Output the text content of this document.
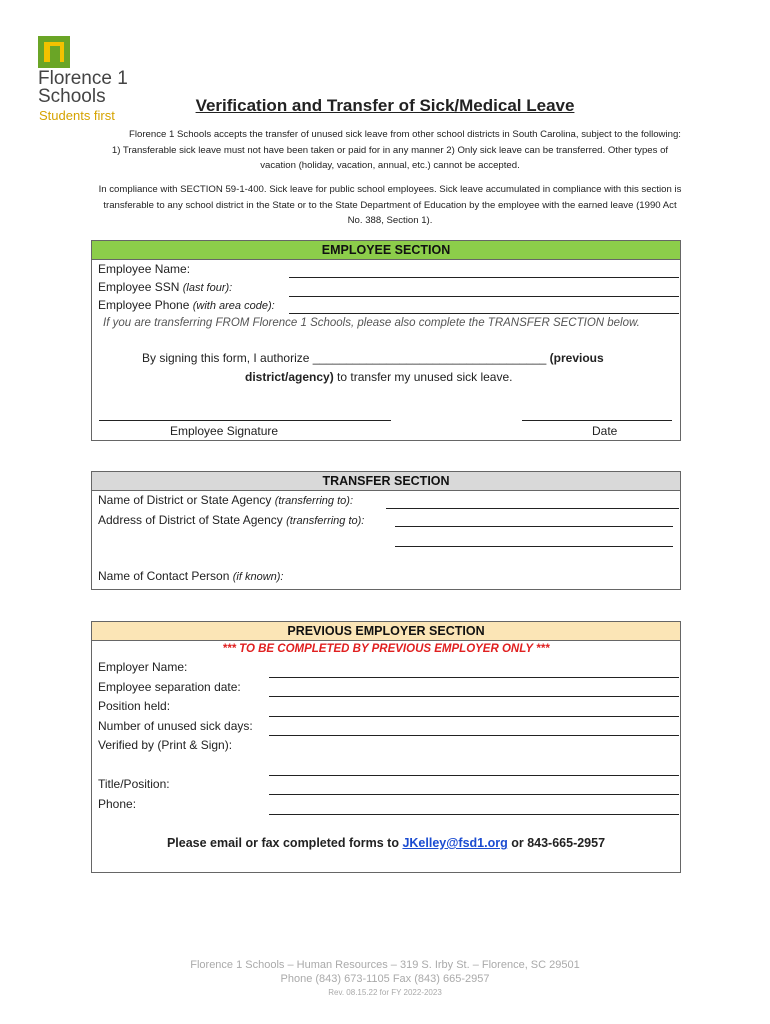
Florence 1
Schools
Students first
Verification and Transfer of Sick/Medical Leave
Florence 1 Schools accepts the transfer of unused sick leave from other school districts in South Carolina, subject to the following: 1) Transferable sick leave must not have been taken or paid for in any manner 2) Only sick leave can be transferred. Other types of vacation (holiday, vacation, annual, etc.) cannot be accepted.
In compliance with SECTION 59-1-400. Sick leave for public school employees. Sick leave accumulated in compliance with this section is transferable to any school district in the State or to the State Department of Education by the employee with the earned leave (1990 Act No. 388, Section 1).
EMPLOYEE SECTION
Employee Name:
Employee SSN (last four):
Employee Phone (with area code):
If you are transferring FROM Florence 1 Schools, please also complete the TRANSFER SECTION below.
By signing this form, I authorize ___________________________________ (previous
district/agency) to transfer my unused sick leave.
Employee Signature	Date
TRANSFER SECTION
Name of District or State Agency (transferring to):
Address of District of State Agency (transferring to):
Name of Contact Person (if known):
PREVIOUS EMPLOYER SECTION
*** TO BE COMPLETED BY PREVIOUS EMPLOYER ONLY ***
Employer Name:
Employee separation date:
Position held:
Number of unused sick days:
Verified by (Print & Sign):
Title/Position:
Phone:
Please email or fax completed forms to JKelley@fsd1.org or 843-665-2957
Florence 1 Schools – Human Resources – 319 S. Irby St. – Florence, SC 29501
Phone (843) 673-1105 Fax (843) 665-2957
Rev. 08.15.22 for FY 2022-2023
